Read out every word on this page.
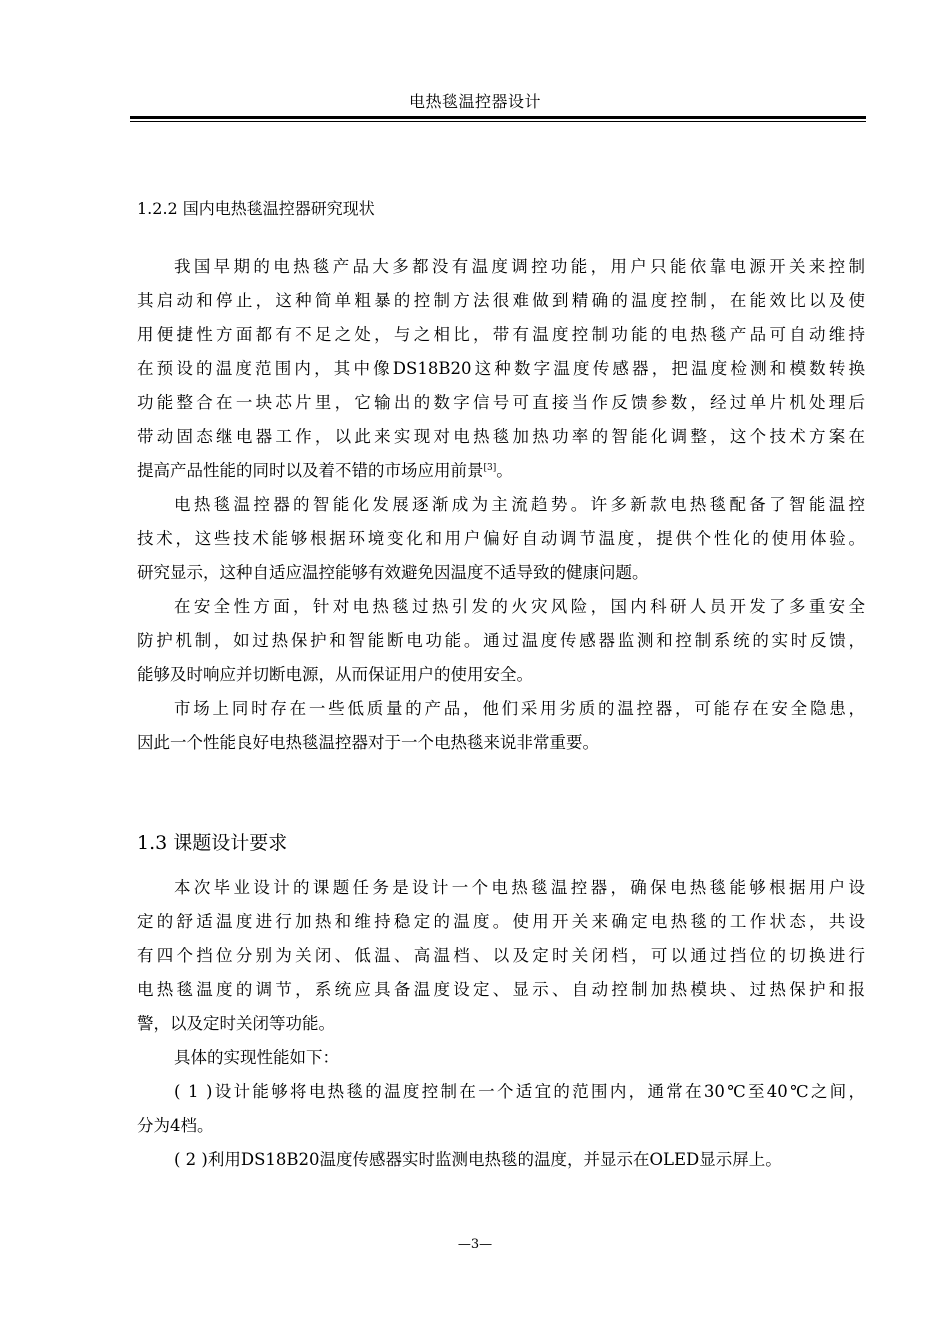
电热毯温控器设计
1.2.2 国内电热毯温控器研究现状
我国早期的电热毯产品大多都没有温度调控功能，用户只能依靠电源开关来控制
其启动和停止，这种简单粗暴的控制方法很难做到精确的温度控制，在能效比以及使
用便捷性方面都有不足之处，与之相比，带有温度控制功能的电热毯产品可自动维持
在预设的温度范围内，其中像DS18B20这种数字温度传感器，把温度检测和模数转换
功能整合在一块芯片里，它输出的数字信号可直接当作反馈参数，经过单片机处理后
带动固态继电器工作，以此来实现对电热毯加热功率的智能化调整，这个技术方案在
提高产品性能的同时以及着不错的市场应用前景[3]。
电热毯温控器的智能化发展逐渐成为主流趋势。许多新款电热毯配备了智能温控
技术，这些技术能够根据环境变化和用户偏好自动调节温度，提供个性化的使用体验。
研究显示，这种自适应温控能够有效避免因温度不适导致的健康问题。
在安全性方面，针对电热毯过热引发的火灾风险，国内科研人员开发了多重安全
防护机制，如过热保护和智能断电功能。通过温度传感器监测和控制系统的实时反馈，
能够及时响应并切断电源，从而保证用户的使用安全。
市场上同时存在一些低质量的产品，他们采用劣质的温控器，可能存在安全隐患，
因此一个性能良好电热毯温控器对于一个电热毯来说非常重要。
1.3 课题设计要求
本次毕业设计的课题任务是设计一个电热毯温控器，确保电热毯能够根据用户设
定的舒适温度进行加热和维持稳定的温度。使用开关来确定电热毯的工作状态，共设
有四个挡位分别为关闭、低温、高温档、以及定时关闭档，可以通过挡位的切换进行
电热毯温度的调节，系统应具备温度设定、显示、自动控制加热模块、过热保护和报
警，以及定时关闭等功能。
具体的实现性能如下：
( 1 )设计能够将电热毯的温度控制在一个适宜的范围内，通常在30℃至40℃之间，
分为4档。
( 2 )利用DS18B20温度传感器实时监测电热毯的温度，并显示在OLED显示屏上。
—3—
